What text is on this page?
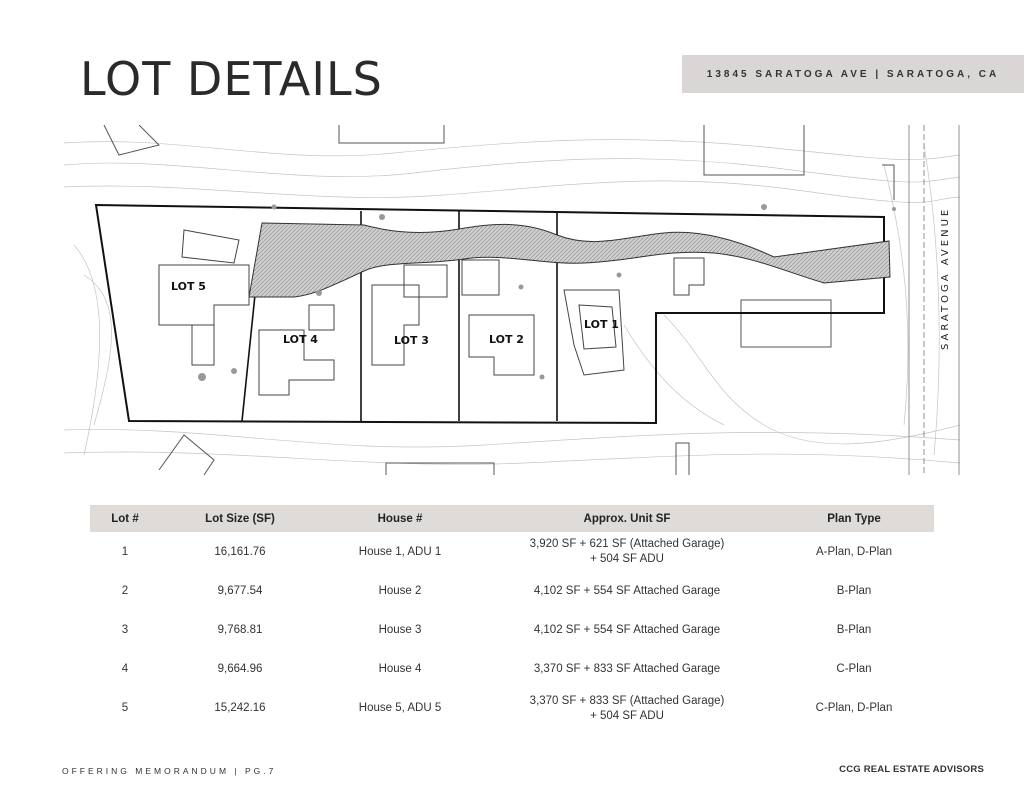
LOT DETAILS	13845 SARATOGA AVE | SARATOGA, CA
LOT 5
LOT 4	LOT 3	LOT 2
LOT 1	SARATOGA AVENUE
Lot #	Lot Size (SF)	House #	Approx. Unit SF	Plan Type
1	16,161.76	House 1, ADU 1	3,920 SF + 621 SF (Attached Garage)
+ 504 SF ADU	A-Plan, D-Plan
2	9,677.54	House 2	4,102 SF + 554 SF Attached Garage	B-Plan
3	9,768.81	House 3	4,102 SF + 554 SF Attached Garage	B-Plan
4	9,664.96	House 4	3,370 SF + 833 SF Attached Garage	C-Plan
5	15,242.16	House 5, ADU 5	3,370 SF + 833 SF (Attached Garage)
+ 504 SF ADU	C-Plan, D-Plan
OFFERING MEMORANDUM | PG.7	CCG REAL ESTATE ADVISORS
